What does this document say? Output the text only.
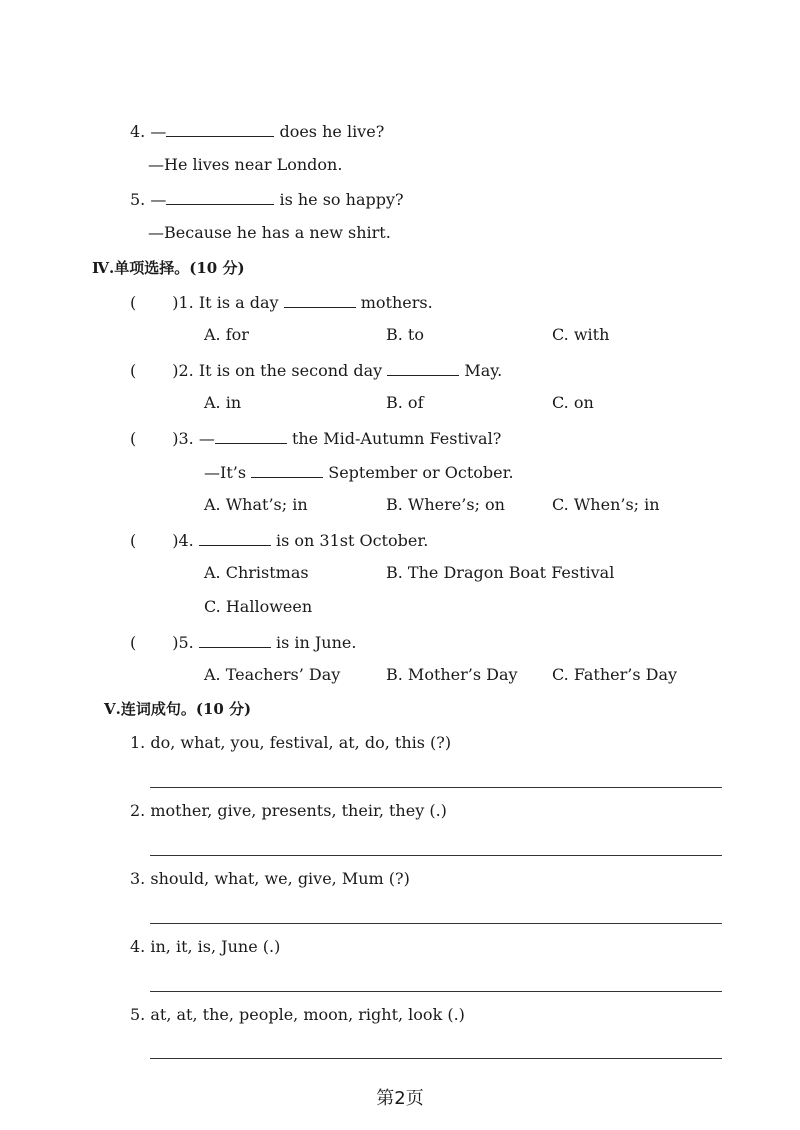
4. —	does he live?
—He lives near London.
5. —	is he so happy?
—Because he has a new shirt.
Ⅳ.单项选择。(10 分)
( )1. It is a day	mothers.
A. for	B. to	C. with
( )2. It is on the second day	May.
A. in	B. of	C. on
( )3. —	the Mid-Autumn Festival?
—It’s	September or October.
A. What’s; in	B. Where’s; on	C. When’s; in
( )4.	is on 31st October.
A. Christmas	B. The Dragon Boat Festival
C. Halloween
( )5.	is in June.
A. Teachers’ Day	B. Mother’s Day C. Father’s Day
Ⅴ.连词成句。(10 分)
1. do, what, you, festival, at, do, this (?)
2. mother, give, presents, their, they (.)
3. should, what, we, give, Mum (?)
4. in, it, is, June (.)
5. at, at, the, people, moon, right, look (.)
第2页
